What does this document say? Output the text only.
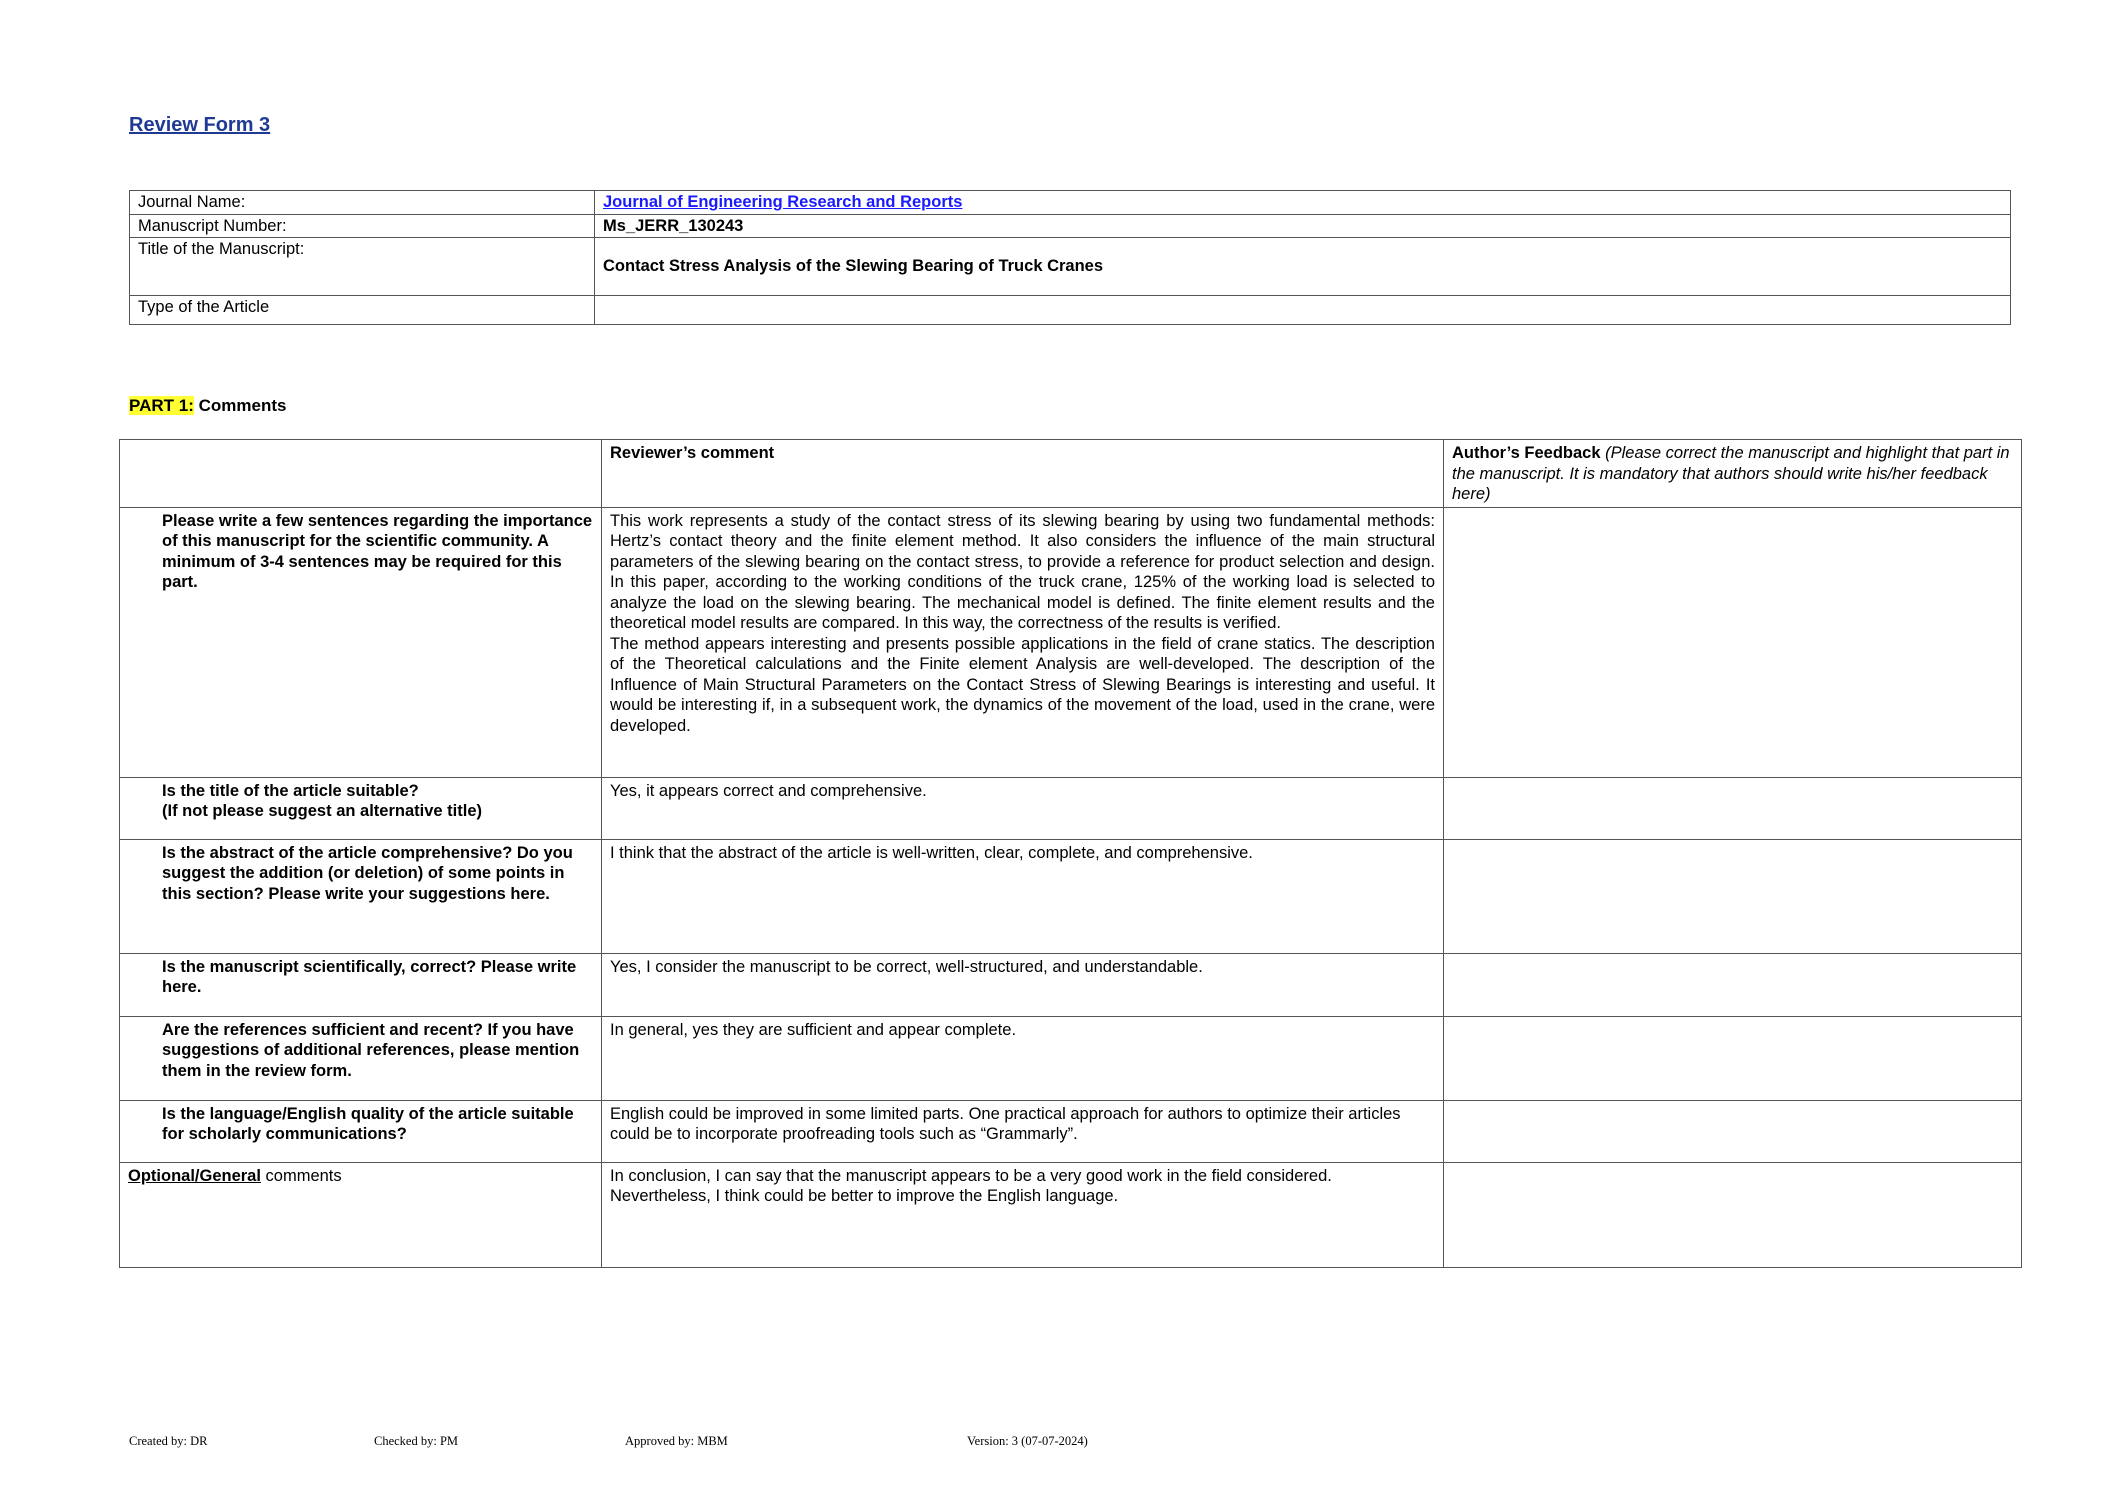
Review Form 3
Journal Name:	Journal of Engineering Research and Reports
Manuscript Number:	Ms_JERR_130243
Title of the Manuscript:	Contact Stress Analysis of the Slewing Bearing of Truck Cranes
Type of the Article	
PART 1: Comments
	Reviewer’s comment	Author’s Feedback (Please correct the manuscript and highlight that part in the manuscript. It is mandatory that authors should write his/her feedback here)
Please write a few sentences regarding the importance of this manuscript for the scientific community. A minimum of 3-4 sentences may be required for this part.	This work represents a study of the contact stress of its slewing bearing by using two fundamental methods: Hertz’s contact theory and the finite element method. It also considers the influence of the main structural parameters of the slewing bearing on the contact stress, to provide a reference for product selection and design. In this paper, according to the working conditions of the truck crane, 125% of the working load is selected to analyze the load on the slewing bearing. The mechanical model is defined. The finite element results and the theoretical model results are compared. In this way, the correctness of the results is verified.
The method appears interesting and presents possible applications in the field of crane statics. The description of the Theoretical calculations and the Finite element Analysis are well-developed. The description of the Influence of Main Structural Parameters on the Contact Stress of Slewing Bearings is interesting and useful. It would be interesting if, in a subsequent work, the dynamics of the movement of the load, used in the crane, were developed.	

Is the title of the article suitable?
(If not please suggest an alternative title)	Yes, it appears correct and comprehensive.	
Is the abstract of the article comprehensive? Do you suggest the addition (or deletion) of some points in this section? Please write your suggestions here.	I think that the abstract of the article is well-written, clear, complete, and comprehensive.	
Is the manuscript scientifically, correct? Please write here.	Yes, I consider the manuscript to be correct, well-structured, and understandable.	
Are the references sufficient and recent? If you have suggestions of additional references, please mention them in the review form.	In general, yes they are sufficient and appear complete.	
Is the language/English quality of the article suitable for scholarly communications?	English could be improved in some limited parts. One practical approach for authors to optimize their articles could be to incorporate proofreading tools such as “Grammarly”.	
Optional/General comments	In conclusion, I can say that the manuscript appears to be a very good work in the field considered. Nevertheless, I think could be better to improve the English language.	
Created by: DR	Checked by: PM	Approved by: MBM	Version: 3 (07-07-2024)
